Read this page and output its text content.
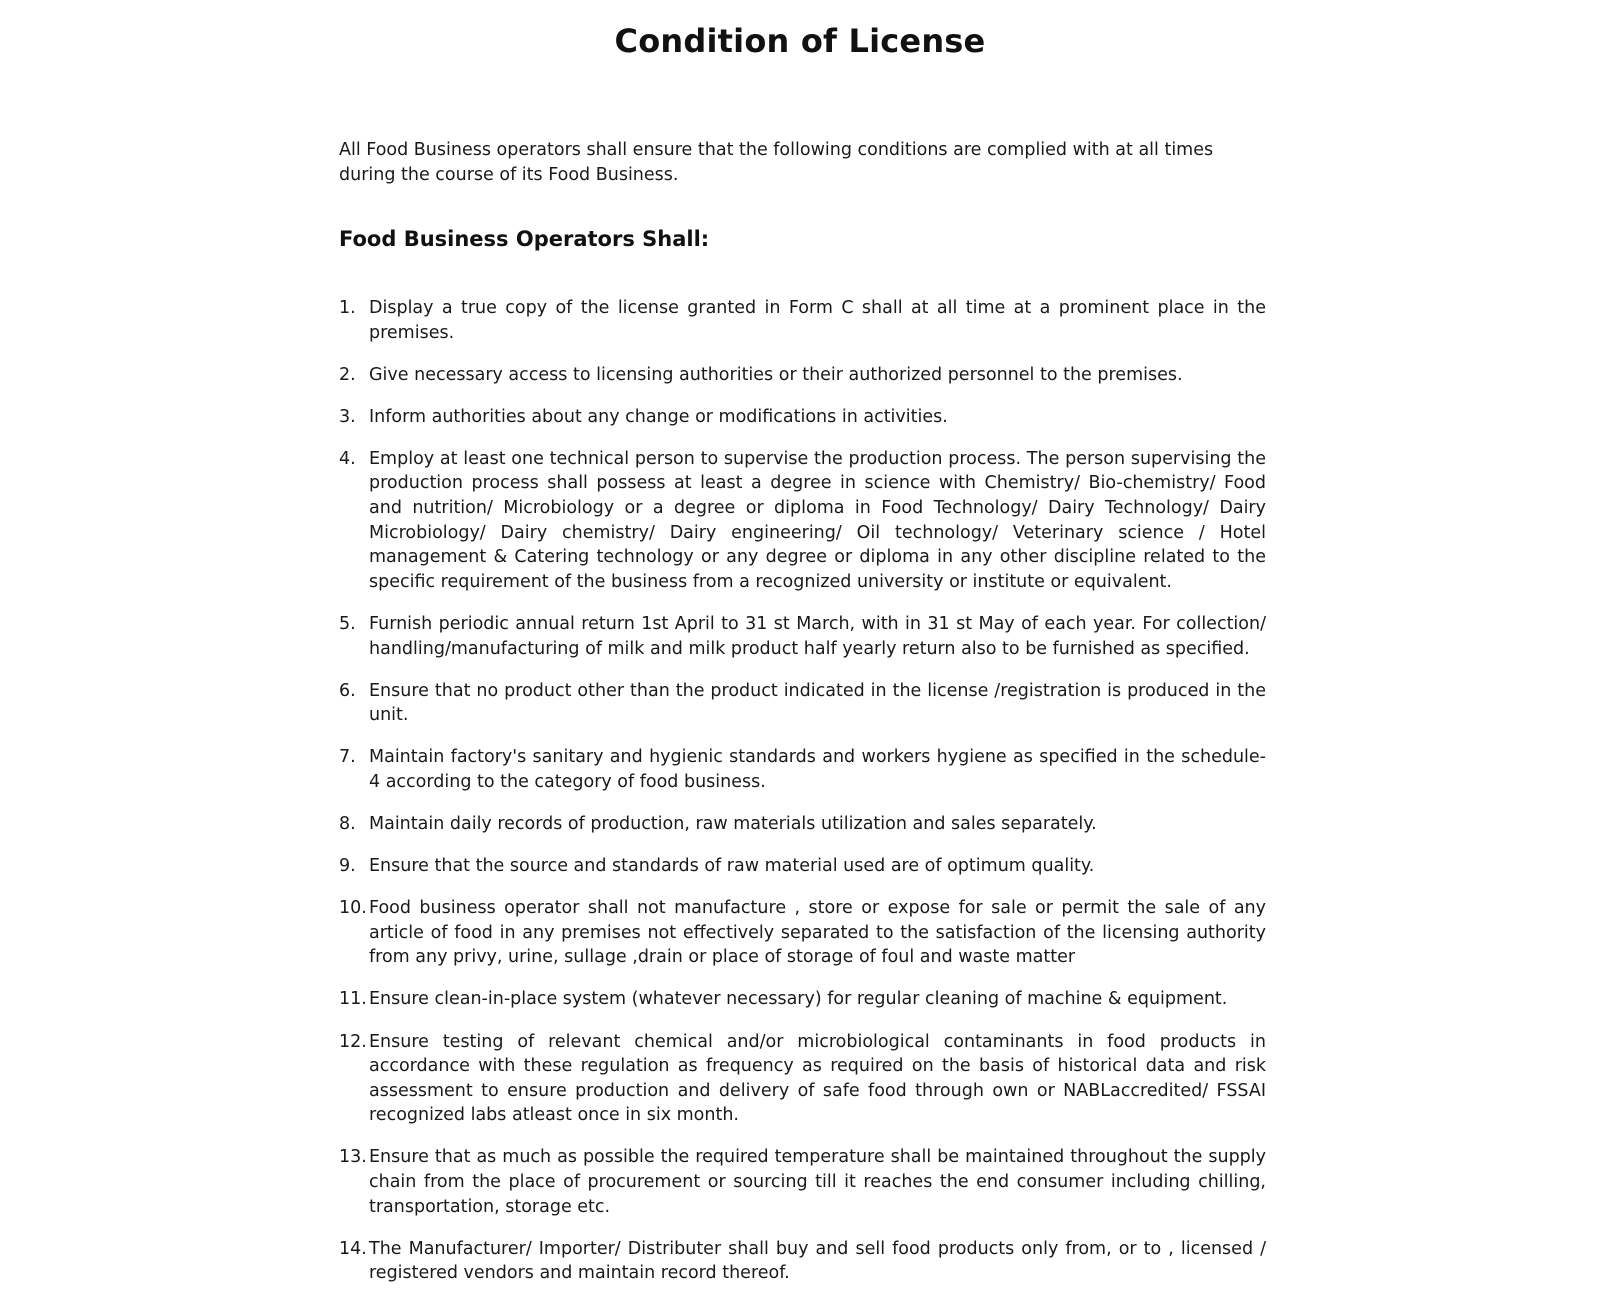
Condition of License

All Food Business operators shall ensure that the following conditions are complied with at all times during the course of its Food Business.

Food Business Operators Shall:
1. Display a true copy of the license granted in Form C shall at all time at a prominent place in the premises.
2. Give necessary access to licensing authorities or their authorized personnel to the premises.
3. Inform authorities about any change or modifications in activities.
4. Employ at least one technical person to supervise the production process. The person supervising the production process shall possess at least a degree in science with Chemistry/ Bio-chemistry/ Food and nutrition/ Microbiology or a degree or diploma in Food Technology/ Dairy Technology/ Dairy Microbiology/ Dairy chemistry/ Dairy engineering/ Oil technology/ Veterinary science / Hotel management & Catering technology or any degree or diploma in any other discipline related to the specific requirement of the business from a recognized university or institute or equivalent.
5. Furnish periodic annual return 1st April to 31 st March, with in 31 st May of each year. For collection/ handling/manufacturing of milk and milk product half yearly return also to be furnished as specified.
6. Ensure that no product other than the product indicated in the license /registration is produced in the unit.
7. Maintain factory's sanitary and hygienic standards and workers hygiene as specified in the schedule-4 according to the category of food business.
8. Maintain daily records of production, raw materials utilization and sales separately.
9. Ensure that the source and standards of raw material used are of optimum quality.
10. Food business operator shall not manufacture , store or expose for sale or permit the sale of any article of food in any premises not effectively separated to the satisfaction of the licensing authority from any privy, urine, sullage ,drain or place of storage of foul and waste matter
11. Ensure clean-in-place system (whatever necessary) for regular cleaning of machine & equipment.
12. Ensure testing of relevant chemical and/or microbiological contaminants in food products in accordance with these regulation as frequency as required on the basis of historical data and risk assessment to ensure production and delivery of safe food through own or NABLaccredited/ FSSAI recognized labs atleast once in six month.
13. Ensure that as much as possible the required temperature shall be maintained throughout the supply chain from the place of procurement or sourcing till it reaches the end consumer including chilling, transportation, storage etc.
14. The Manufacturer/ Importer/ Distributer shall buy and sell food products only from, or to , licensed / registered vendors and maintain record thereof.
